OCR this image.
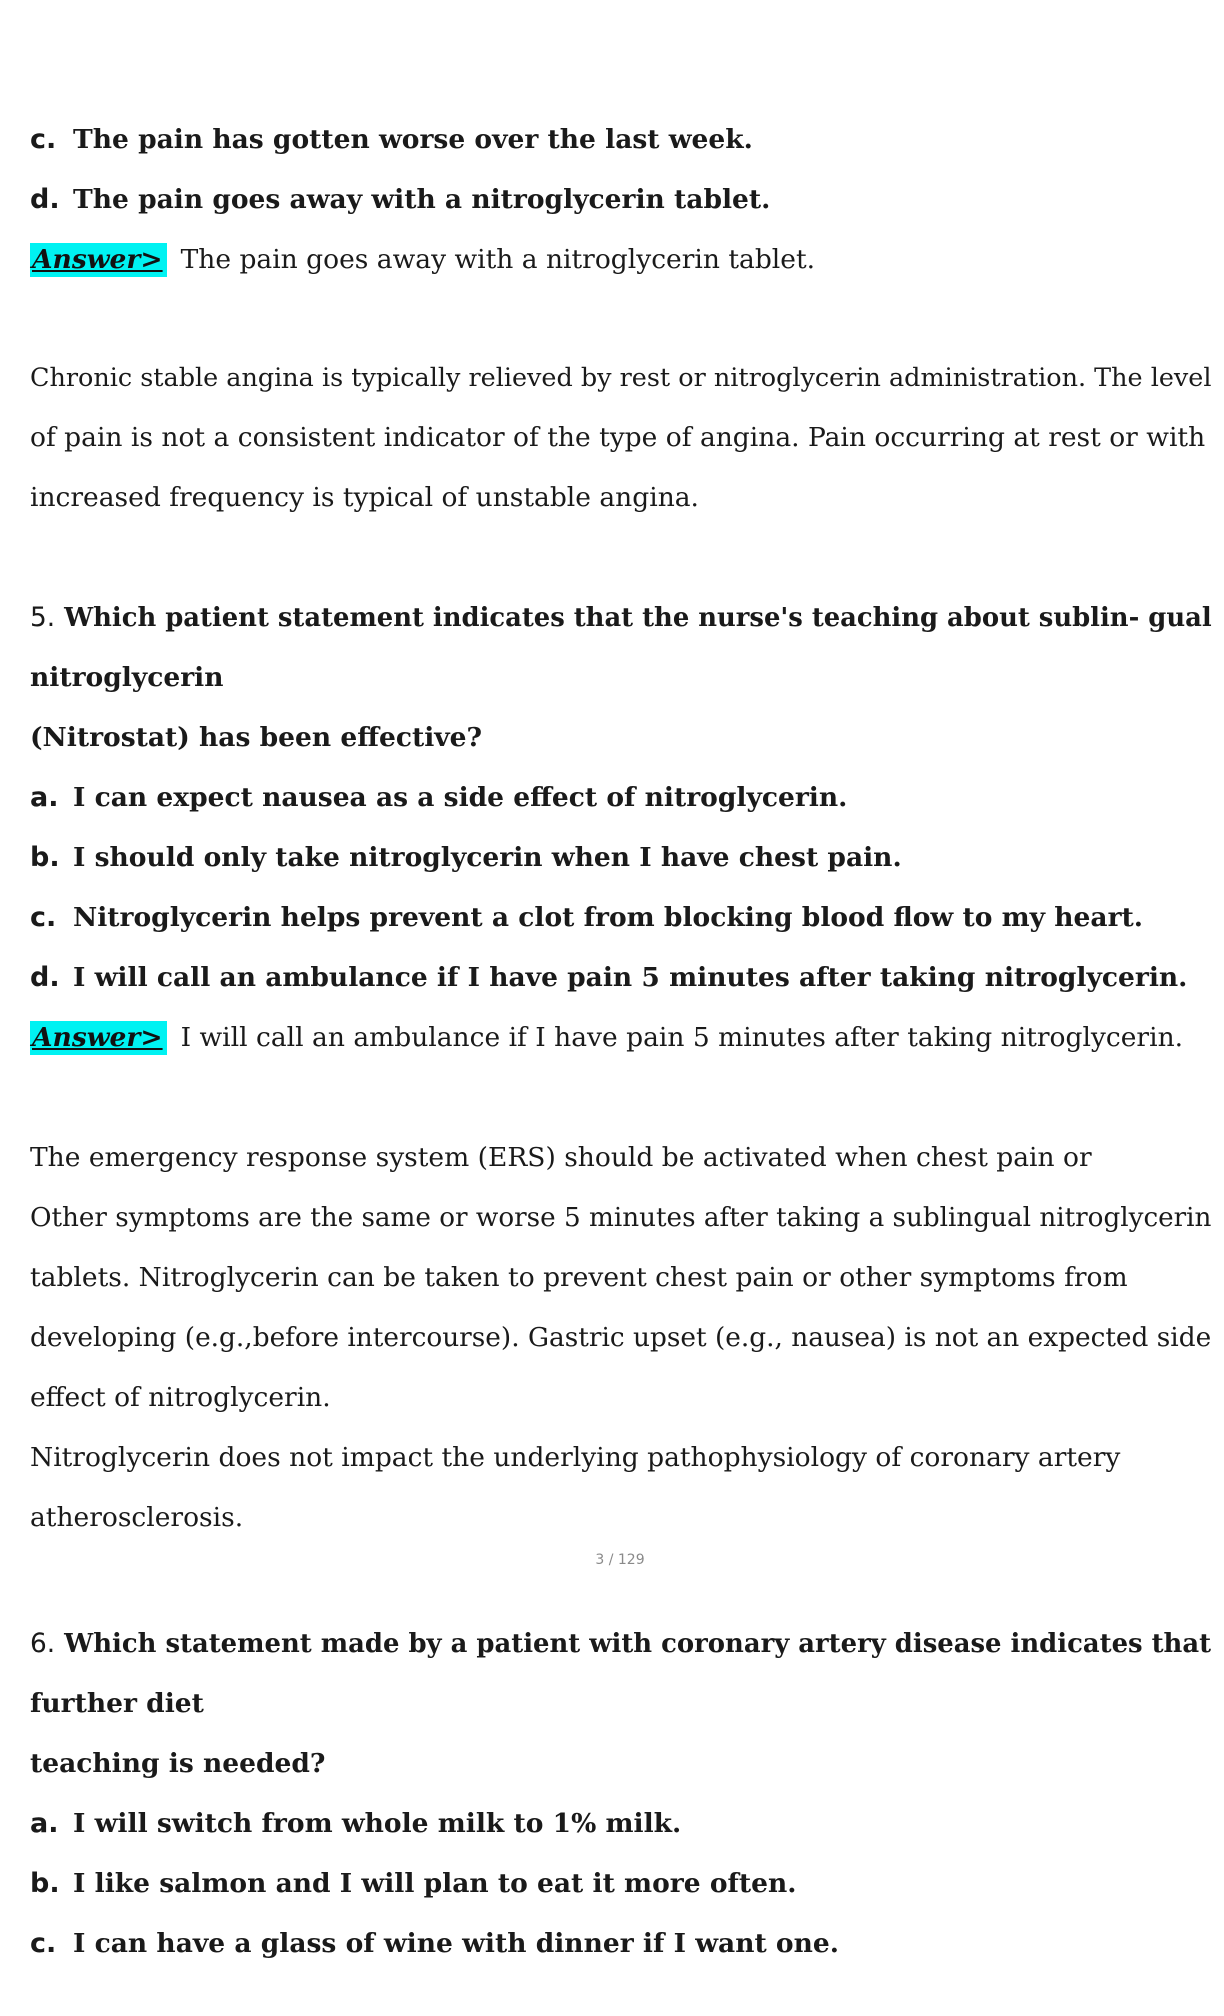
c. The pain has gotten worse over the last week.

d. The pain goes away with a nitroglycerin tablet.

Answer> The pain goes away with a nitroglycerin tablet.

Chronic stable angina is typically relieved by rest or nitroglycerin administration. The level

of pain is not a consistent indicator of the type of angina. Pain occurring at rest or with

increased frequency is typical of unstable angina.

5. Which patient statement indicates that the nurse's teaching about sublin- gual

nitroglycerin

(Nitrostat) has been effective?

a. I can expect nausea as a side effect of nitroglycerin.

b. I should only take nitroglycerin when I have chest pain.

c. Nitroglycerin helps prevent a clot from blocking blood flow to my heart.

d. I will call an ambulance if I have pain 5 minutes after taking nitroglycerin.

Answer> I will call an ambulance if I have pain 5 minutes after taking nitroglycerin.

The emergency response system (ERS) should be activated when chest pain or

Other symptoms are the same or worse 5 minutes after taking a sublingual nitroglycerin

tablets. Nitroglycerin can be taken to prevent chest pain or other symptoms from

developing (e.g.,before intercourse). Gastric upset (e.g., nausea) is not an expected side

effect of nitroglycerin.

Nitroglycerin does not impact the underlying pathophysiology of coronary artery

atherosclerosis.

3 / 129

6. Which statement made by a patient with coronary artery disease indicates that

further diet

teaching is needed?

a. I will switch from whole milk to 1% milk.

b. I like salmon and I will plan to eat it more often.

c. I can have a glass of wine with dinner if I want one.
